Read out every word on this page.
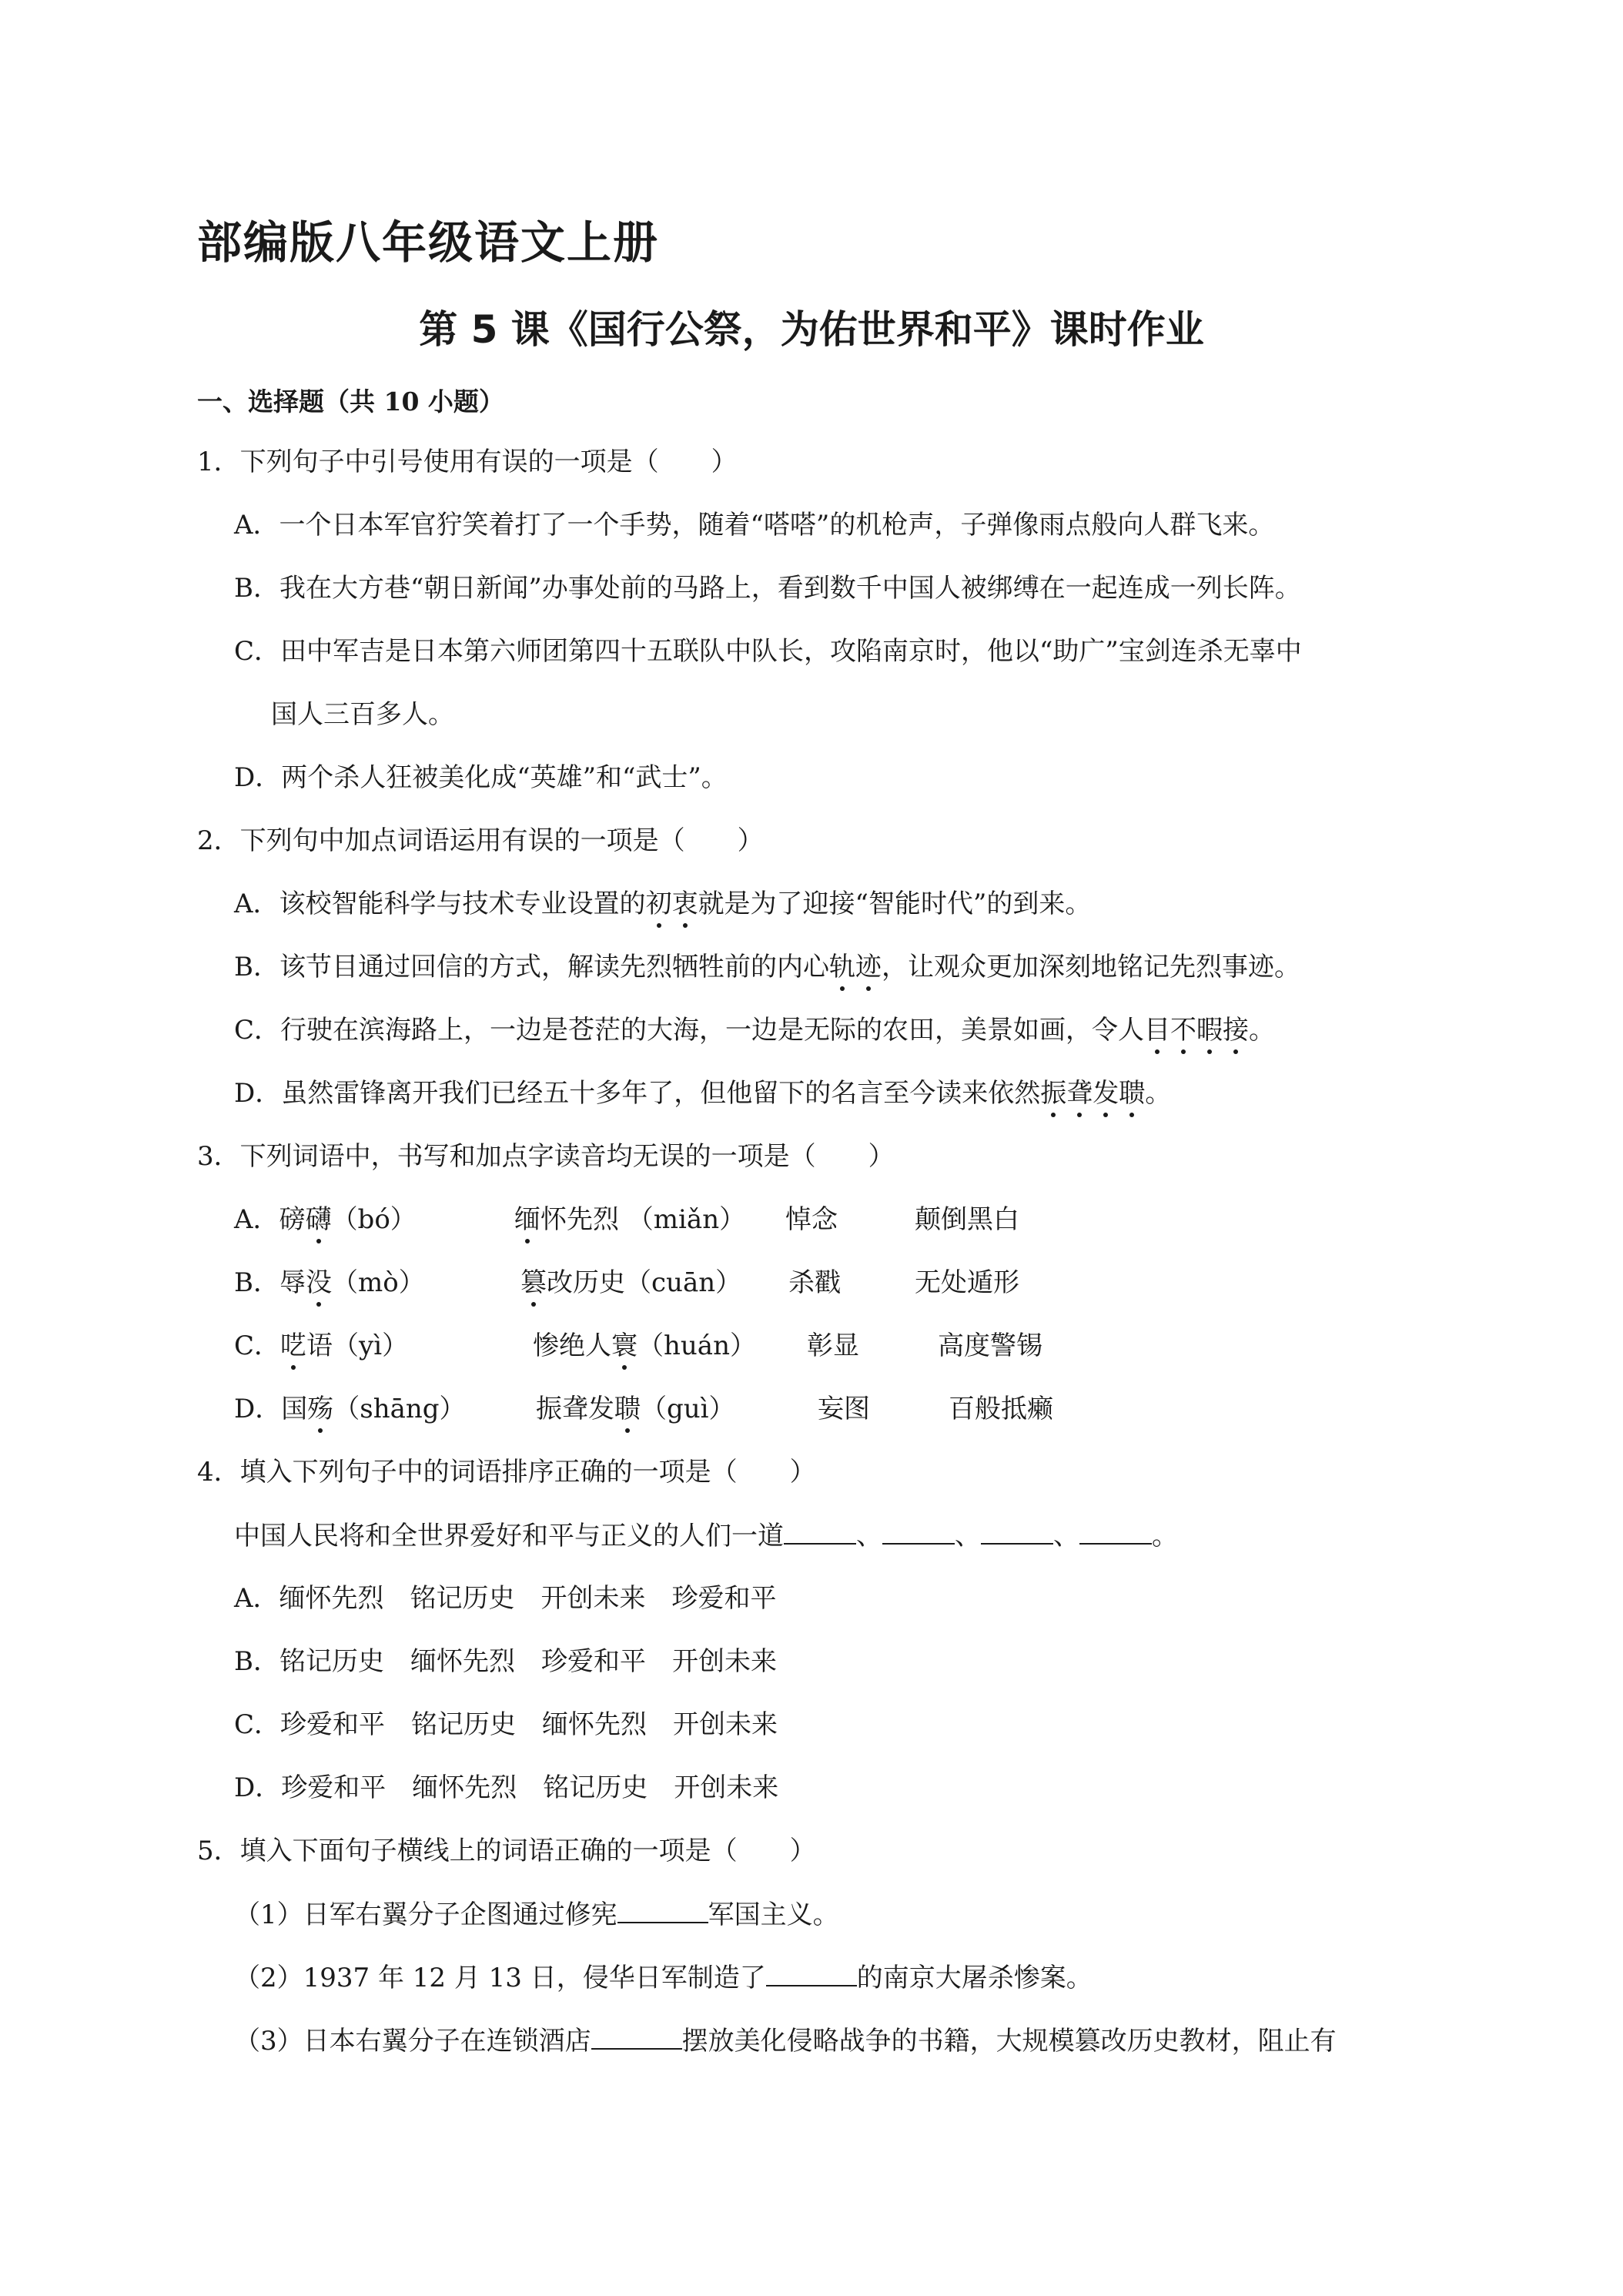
部编版八年级语文上册
第 5 课《国行公祭，为佑世界和平》课时作业
一、选择题（共 10 小题）
1．下列句子中引号使用有误的一项是（　　）
A．一个日本军官狞笑着打了一个手势，随着“嗒嗒”的机枪声，子弹像雨点般向人群飞来。
B．我在大方巷“朝日新闻”办事处前的马路上，看到数千中国人被绑缚在一起连成一列长阵。
C．田中军吉是日本第六师团第四十五联队中队长，攻陷南京时，他以“助广”宝剑连杀无辜中
国人三百多人。
D．两个杀人狂被美化成“英雄”和“武士”。
2．下列句中加点词语运用有误的一项是（　　）
A．该校智能科学与技术专业设置的初衷就是为了迎接“智能时代”的到来。
B．该节目通过回信的方式，解读先烈牺牲前的内心轨迹，让观众更加深刻地铭记先烈事迹。
C．行驶在滨海路上，一边是苍茫的大海，一边是无际的农田，美景如画，令人目不暇接。
D．虽然雷锋离开我们已经五十多年了，但他留下的名言至今读来依然振聋发聩。
3．下列词语中，书写和加点字读音均无误的一项是（　　）
A．磅礴（bó）	缅怀先烈 （miǎn） 悼念	颠倒黑白
B．辱没（mò）	篡改历史（cuān） 杀戳	无处遁形
C．呓语（yì）	惨绝人寰（huán） 彰显	高度警锡
D．国殇（shāng）	振聋发聩（guì）	妄图	百般抵癞
4．填入下列句子中的词语排序正确的一项是（　　）
中国人民将和全世界爱好和平与正义的人们一道	、	、	、	。
A．缅怀先烈　铭记历史　开创未来　珍爱和平
B．铭记历史　缅怀先烈　珍爱和平　开创未来
C．珍爱和平　铭记历史　缅怀先烈　开创未来
D．珍爱和平　缅怀先烈　铭记历史　开创未来
5．填入下面句子横线上的词语正确的一项是（　　）
（1）日军右翼分子企图通过修宪	军国主义。
（2）1937 年 12 月 13 日，侵华日军制造了	的南京大屠杀惨案。
（3）日本右翼分子在连锁酒店	摆放美化侵略战争的书籍，大规模篡改历史教材，阻止有
